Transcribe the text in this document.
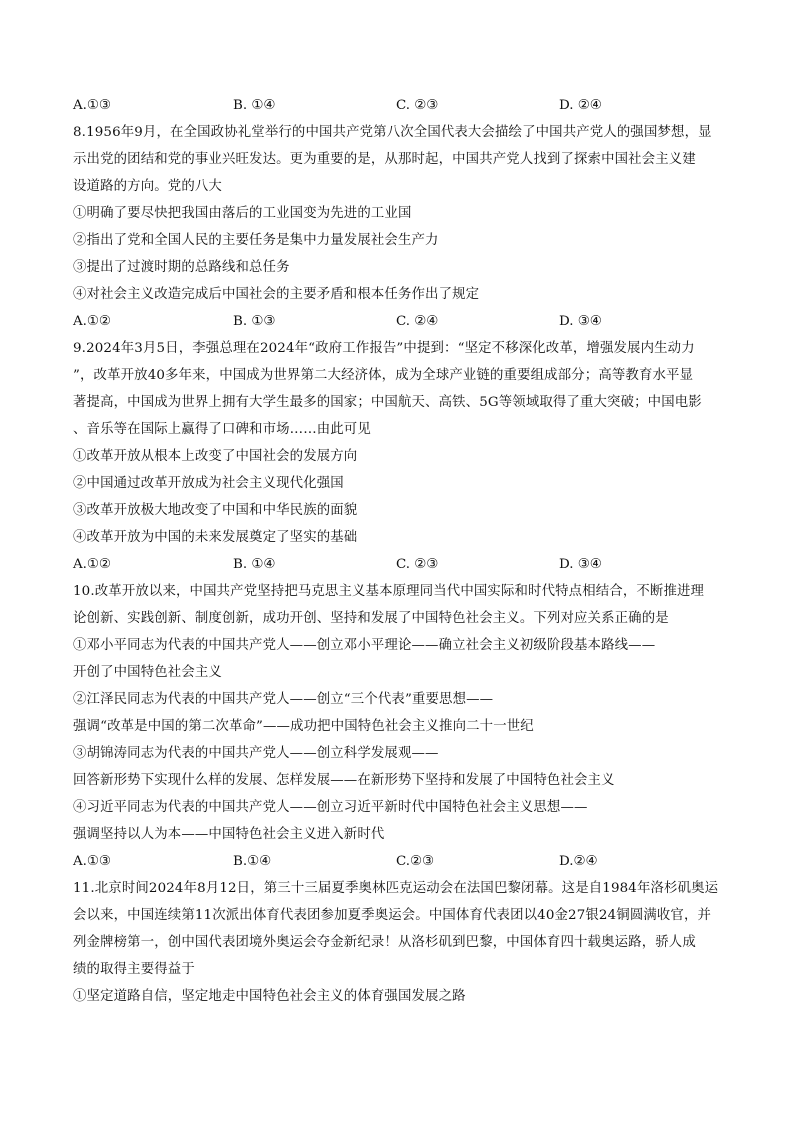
A.①③	B. ①④	C. ②③	D. ②④
8.1956年9月，在全国政协礼堂举行的中国共产党第八次全国代表大会描绘了中国共产党人的强国梦想，显
示出党的团结和党的事业兴旺发达。更为重要的是，从那时起，中国共产党人找到了探索中国社会主义建
设道路的方向。党的八大
①明确了要尽快把我国由落后的工业国变为先进的工业国
②指出了党和全国人民的主要任务是集中力量发展社会生产力
③提出了过渡时期的总路线和总任务
④对社会主义改造完成后中国社会的主要矛盾和根本任务作出了规定
A.①②	B. ①③	C. ②④	D. ③④
9.2024年3月5日，李强总理在2024年“政府工作报告”中提到：“坚定不移深化改革，增强发展内生动力
”，改革开放40多年来，中国成为世界第二大经济体，成为全球产业链的重要组成部分；高等教育水平显
著提高，中国成为世界上拥有大学生最多的国家；中国航天、高铁、5G等领域取得了重大突破；中国电影
、音乐等在国际上赢得了口碑和市场……由此可见
①改革开放从根本上改变了中国社会的发展方向
②中国通过改革开放成为社会主义现代化强国
③改革开放极大地改变了中国和中华民族的面貌
④改革开放为中国的未来发展奠定了坚实的基础
A.①②	B. ①④	C. ②③	D. ③④
10.改革开放以来，中国共产党坚持把马克思主义基本原理同当代中国实际和时代特点相结合，不断推进理
论创新、实践创新、制度创新，成功开创、坚持和发展了中国特色社会主义。下列对应关系正确的是
①邓小平同志为代表的中国共产党人——创立邓小平理论——确立社会主义初级阶段基本路线——
开创了中国特色社会主义
②江泽民同志为代表的中国共产党人——创立“三个代表”重要思想——
强调“改革是中国的第二次革命”——成功把中国特色社会主义推向二十一世纪
③胡锦涛同志为代表的中国共产党人——创立科学发展观——
回答新形势下实现什么样的发展、怎样发展——在新形势下坚持和发展了中国特色社会主义
④习近平同志为代表的中国共产党人——创立习近平新时代中国特色社会主义思想——
强调坚持以人为本——中国特色社会主义进入新时代
A.①③	B.①④	C.②③	D.②④
11.北京时间2024年8月12日，第三十三届夏季奥林匹克运动会在法国巴黎闭幕。这是自1984年洛杉矶奥运
会以来，中国连续第11次派出体育代表团参加夏季奥运会。中国体育代表团以40金27银24铜圆满收官，并
列金牌榜第一，创中国代表团境外奥运会夺金新纪录！从洛杉矶到巴黎，中国体育四十载奥运路，骄人成
绩的取得主要得益于
①坚定道路自信，坚定地走中国特色社会主义的体育强国发展之路
